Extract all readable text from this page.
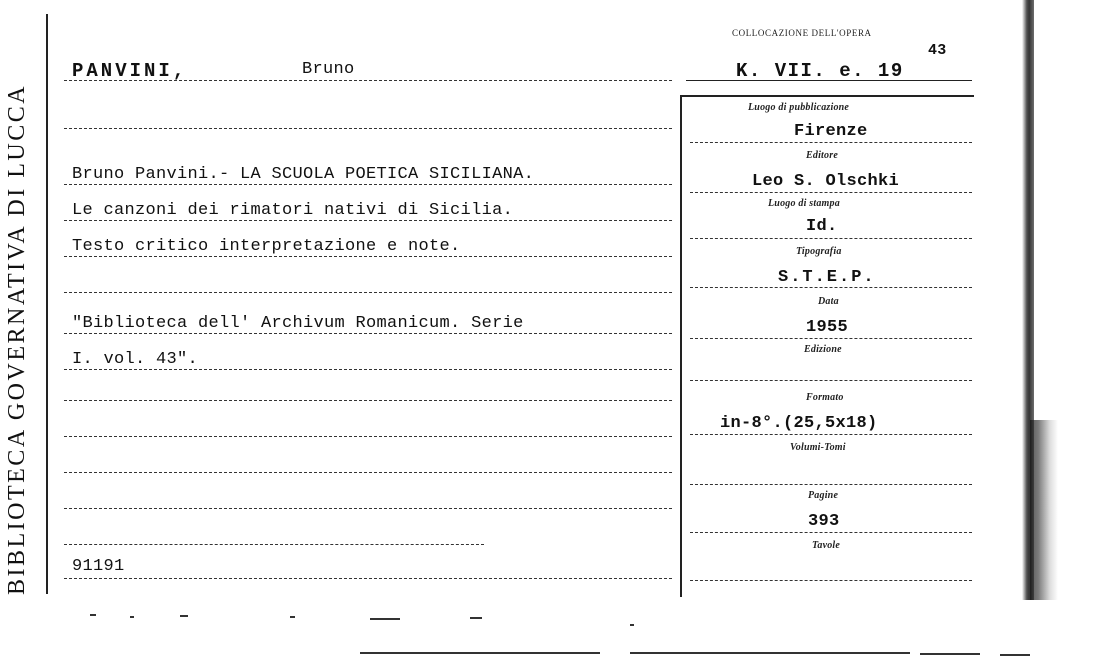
BIBLIOTECA GOVERNATIVA DI LUCCA
PANVINI,	Bruno
COLLOCAZIONE DELL'OPERA
K. VII. e. 19
43
Bruno Panvini.- LA SCUOLA POETICA SICILIANA.
Le canzoni dei rimatori nativi di Sicilia.
Testo critico interpretazione e note.
"Biblioteca dell' Archivum Romanicum. Serie
I. vol. 43".
91191
Luogo di pubblicazione
Firenze
Editore
Leo S. Olschki
Luogo di stampa
Id.
Tipografia
S.T.E.P.
Data
1955
Edizione
Formato
in-8°.(25,5x18)
Volumi-Tomi
Pagine
393
Tavole
